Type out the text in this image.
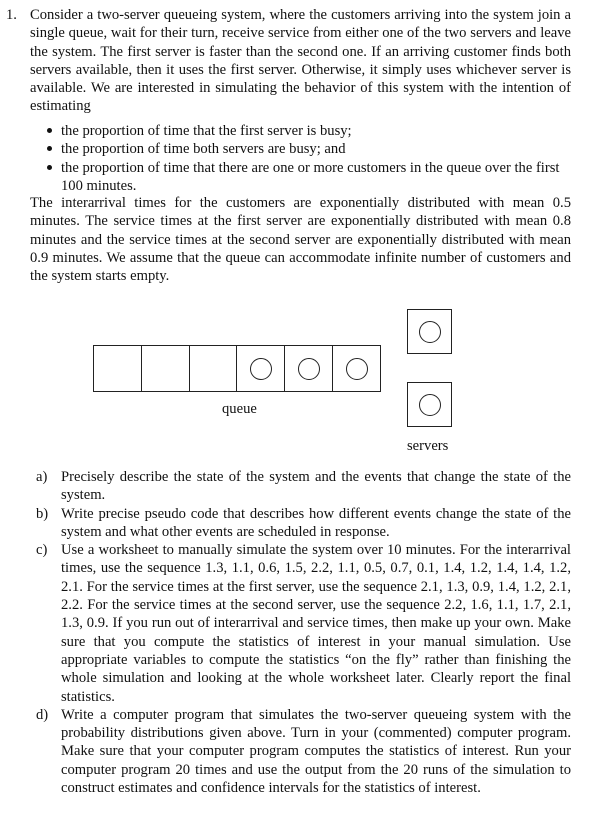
1. Consider a two-server queueing system, where the customers arriving into the system join a single queue, wait for their turn, receive service from either one of the two servers and leave the system. The first server is faster than the second one. If an arriving customer finds both servers available, then it uses the first server. Otherwise, it simply uses whichever server is available. We are interested in simulating the behavior of this system with the intention of estimating

the proportion of time that the first server is busy;
the proportion of time both servers are busy; and
the proportion of time that there are one or more customers in the queue over the first 100 minutes.

The interarrival times for the customers are exponentially distributed with mean 0.5 minutes. The service times at the first server are exponentially distributed with mean 0.8 minutes and the service times at the second server are exponentially distributed with mean 0.9 minutes. We assume that the queue can accommodate infinite number of customers and the system starts empty.

queue
servers
a) Precisely describe the state of the system and the events that change the state of the system.
b) Write precise pseudo code that describes how different events change the state of the system and what other events are scheduled in response.
c) Use a worksheet to manually simulate the system over 10 minutes. For the interarrival times, use the sequence 1.3, 1.1, 0.6, 1.5, 2.2, 1.1, 0.5, 0.7, 0.1, 1.4, 1.2, 1.4, 1.4, 1.2, 2.1. For the service times at the first server, use the sequence 2.1, 1.3, 0.9, 1.4, 1.2, 2.1, 2.2. For the service times at the second server, use the sequence 2.2, 1.6, 1.1, 1.7, 2.1, 1.3, 0.9. If you run out of interarrival and service times, then make up your own. Make sure that you compute the statistics of interest in your manual simulation. Use appropriate variables to compute the statistics “on the fly” rather than finishing the whole simulation and looking at the whole worksheet later. Clearly report the final statistics.
d) Write a computer program that simulates the two-server queueing system with the probability distributions given above. Turn in your (commented) computer program. Make sure that your computer program computes the statistics of interest. Run your computer program 20 times and use the output from the 20 runs of the simulation to construct estimates and confidence intervals for the statistics of interest.
